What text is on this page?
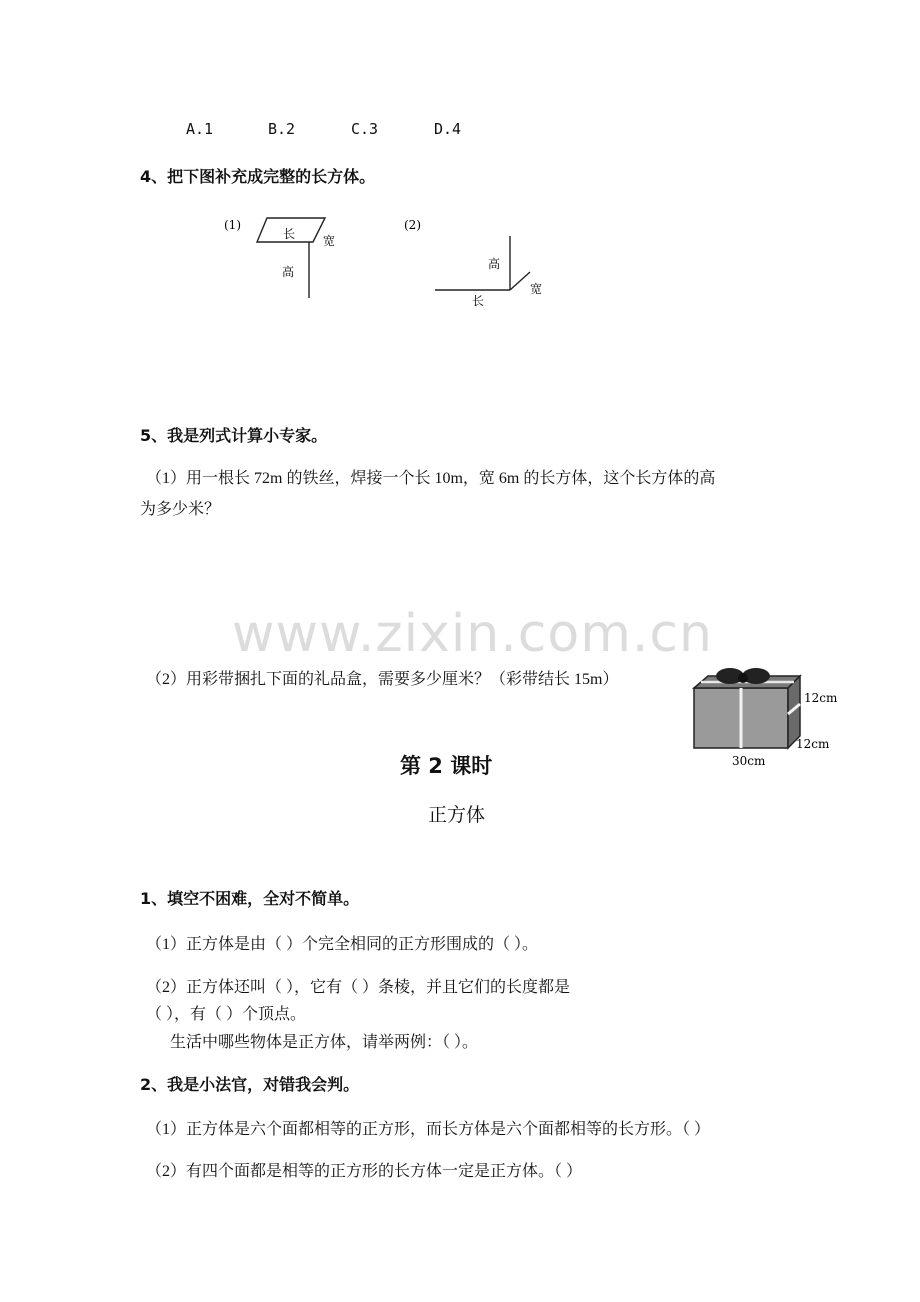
A.1	B.2	C.3	D.4
4、把下图补充成完整的长方体。
(1)
长 宽
高
(2)
高
长
宽
5、我是列式计算小专家。
（1）用一根长 72m 的铁丝，焊接一个长 10m，宽 6m 的长方体，这个长方体的高
为多少米？
www.zixin.com.cn
（2）用彩带捆扎下面的礼品盒，需要多少厘米？（彩带结长 15m）
12cm
12cm
30cm
第 2 课时
正方体
1、填空不困难，全对不简单。
（1）正方体是由（ ）个完全相同的正方形围成的（ ）。
（2）正方体还叫（ ），它有（ ）条棱，并且它们的长度都是
（ ），有（ ）个顶点。
生活中哪些物体是正方体，请举两例：（ ）。
2、我是小法官，对错我会判。
（1）正方体是六个面都相等的正方形，而长方体是六个面都相等的长方形。（ ）
（2）有四个面都是相等的正方形的长方体一定是正方体。（ ）
